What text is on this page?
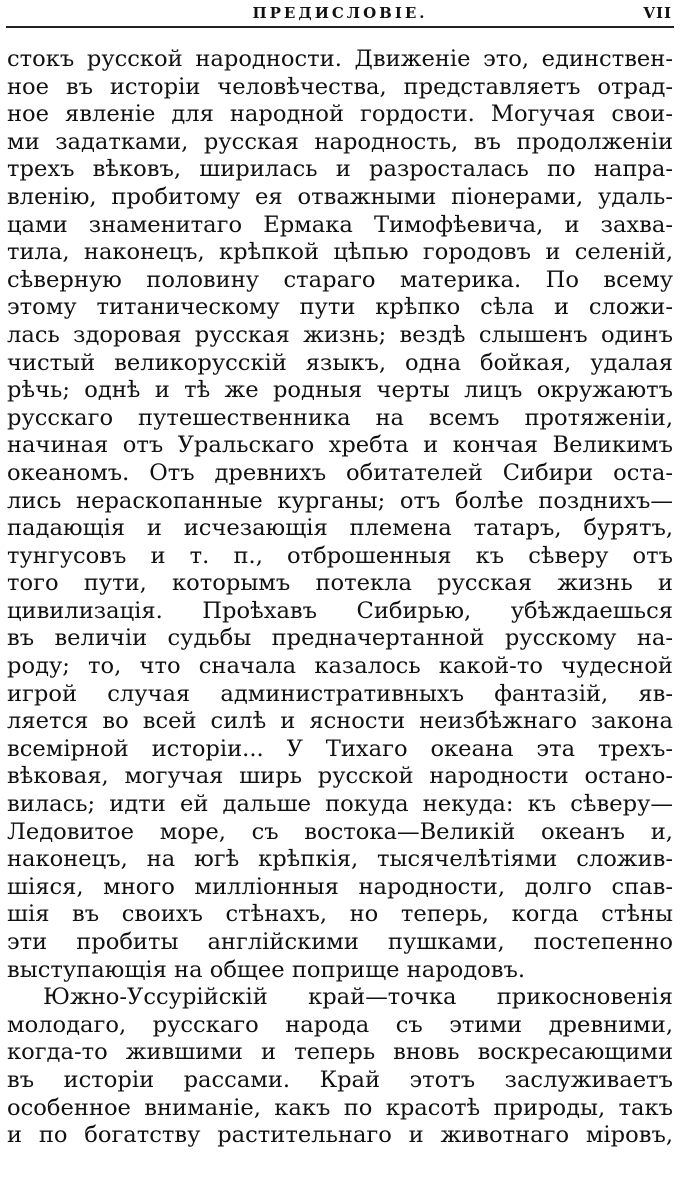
ПРЕДИСЛОВІЕ.	VII
стокъ русской народности. Движеніе это, единствен-
ное въ исторіи человѣчества, представляетъ отрад-
ное явленіе для народной гордости. Могучая свои-
ми задатками, русская народность, въ продолженіи
трехъ вѣковъ, ширилась и разросталась по напра-
вленію, пробитому ея отважными піонерами, удаль-
цами знаменитаго Ермака Тимофѣевича, и захва-
тила, наконецъ, крѣпкой цѣпью городовъ и селеній,
сѣверную половину стараго материка. По всему
этому титаническому пути крѣпко сѣла и сложи-
лась здоровая русская жизнь; вездѣ слышенъ одинъ
чистый великорусскій языкъ, одна бойкая, удалая
рѣчь; однѣ и тѣ же родныя черты лицъ окружаютъ
русскаго путешественника на всемъ протяженіи,
начиная отъ Уральскаго хребта и кончая Великимъ
океаномъ. Отъ древнихъ обитателей Сибири оста-
лись нераскопанные курганы; отъ болѣе позднихъ—
падающія и исчезающія племена татаръ, бурятъ,
тунгусовъ и т. п., отброшенныя къ сѣверу отъ
того пути, которымъ потекла русская жизнь и
цивилизація. Проѣхавъ Сибирью, убѣждаешься
въ величіи судьбы предначертанной русскому на-
роду; то, что сначала казалось какой-то чудесной
игрой случая административныхъ фантазій, яв-
ляется во всей силѣ и ясности неизбѣжнаго закона
всемірной исторіи... У Тихаго океана эта трехъ-
вѣковая, могучая ширь русской народности остано-
вилась; идти ей дальше покуда некуда: къ сѣверу—
Ледовитое море, съ востока—Великій океанъ и,
наконецъ, на югѣ крѣпкія, тысячелѣтіями сложив-
шіяся, много милліонныя народности, долго спав-
шія въ своихъ стѣнахъ, но теперь, когда стѣны
эти пробиты англійскими пушками, постепенно
выступающія на общее поприще народовъ.
Южно-Уссурійскій край—точка прикосновенія
молодаго, русскаго народа съ этими древними,
когда-то жившими и теперь вновь воскресающими
въ исторіи рассами. Край этотъ заслуживаетъ
особенное вниманіе, какъ по красотѣ природы, такъ
и по богатству растительнаго и животнаго міровъ,
